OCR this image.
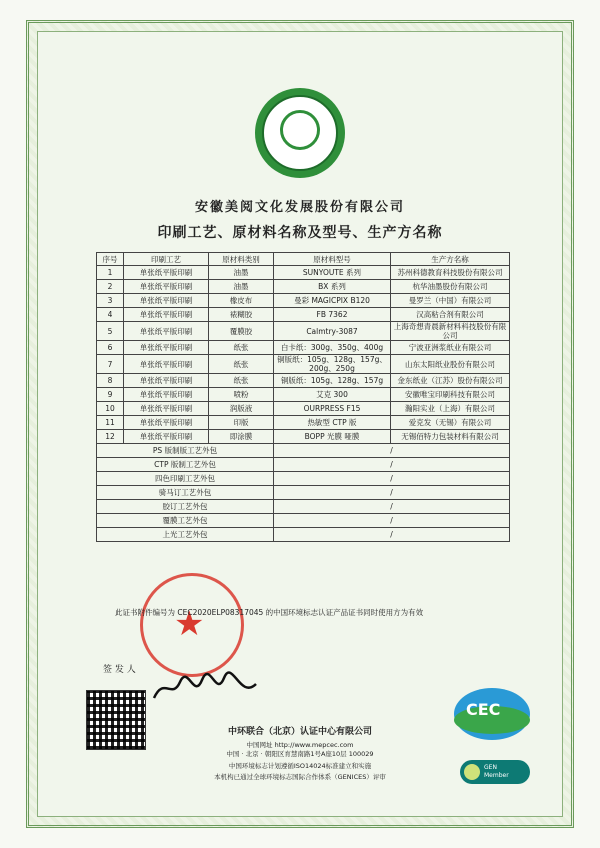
安徽美阅文化发展股份有限公司
印刷工艺、原材料名称及型号、生产方名称
序号	印刷工艺	原材料类别	原材料型号	生产方名称
1	单张纸平版印刷	油墨	SUNYOUTE 系列	苏州科德教育科技股份有限公司
2	单张纸平版印刷	油墨	BX 系列	杭华油墨股份有限公司
3	单张纸平版印刷	橡皮布	曼彩 MAGICPIX B120	曼罗兰（中国）有限公司
4	单张纸平版印刷	裱糊胶	FB 7362	汉高粘合剂有限公司
5	单张纸平版印刷	覆膜胶	Calmtry-3087	上海奇想青晨新材料科技股份有限公司
6	单张纸平版印刷	纸张	白卡纸：300g、350g、400g	宁波亚洲浆纸业有限公司
7	单张纸平版印刷	纸张	铜版纸：105g、128g、157g、200g、250g	山东太阳纸业股份有限公司
8	单张纸平版印刷	纸张	铜版纸：105g、128g、157g	金东纸业（江苏）股份有限公司
9	单张纸平版印刷	喷粉	艾克 300	安徽唯宝印刷科技有限公司
10	单张纸平版印刷	润版液	OURPRESS F15	瀚阳实业（上海）有限公司
11	单张纸平版印刷	印版	热敏型 CTP 版	爱克发（无锡）有限公司
12	单张纸平版印刷	即涂膜	BOPP 光膜 哑膜	无锡佰特力包装材料有限公司
PS 版制版工艺外包			/	
CTP 版制工艺外包			/	
四色印刷工艺外包			/	
骑马订工艺外包			/	
胶订工艺外包			/	
覆膜工艺外包			/	
上光工艺外包			/	
★
此证书附件编号为 CEC2020ELP08317045 的中国环境标志认证产品证书同时使用方为有效
签 发 人
中环联合（北京）认证中心有限公司
中国 · 北京 · 朝阳区育慧南路1号A座10层 100029
中国环境标志计划遵循ISO14024标准建立和实施
本机构已通过全球环境标志国际合作体系（GENICES）评审
中国网址 http://www.mepcec.com
CEC
GEN
Member
